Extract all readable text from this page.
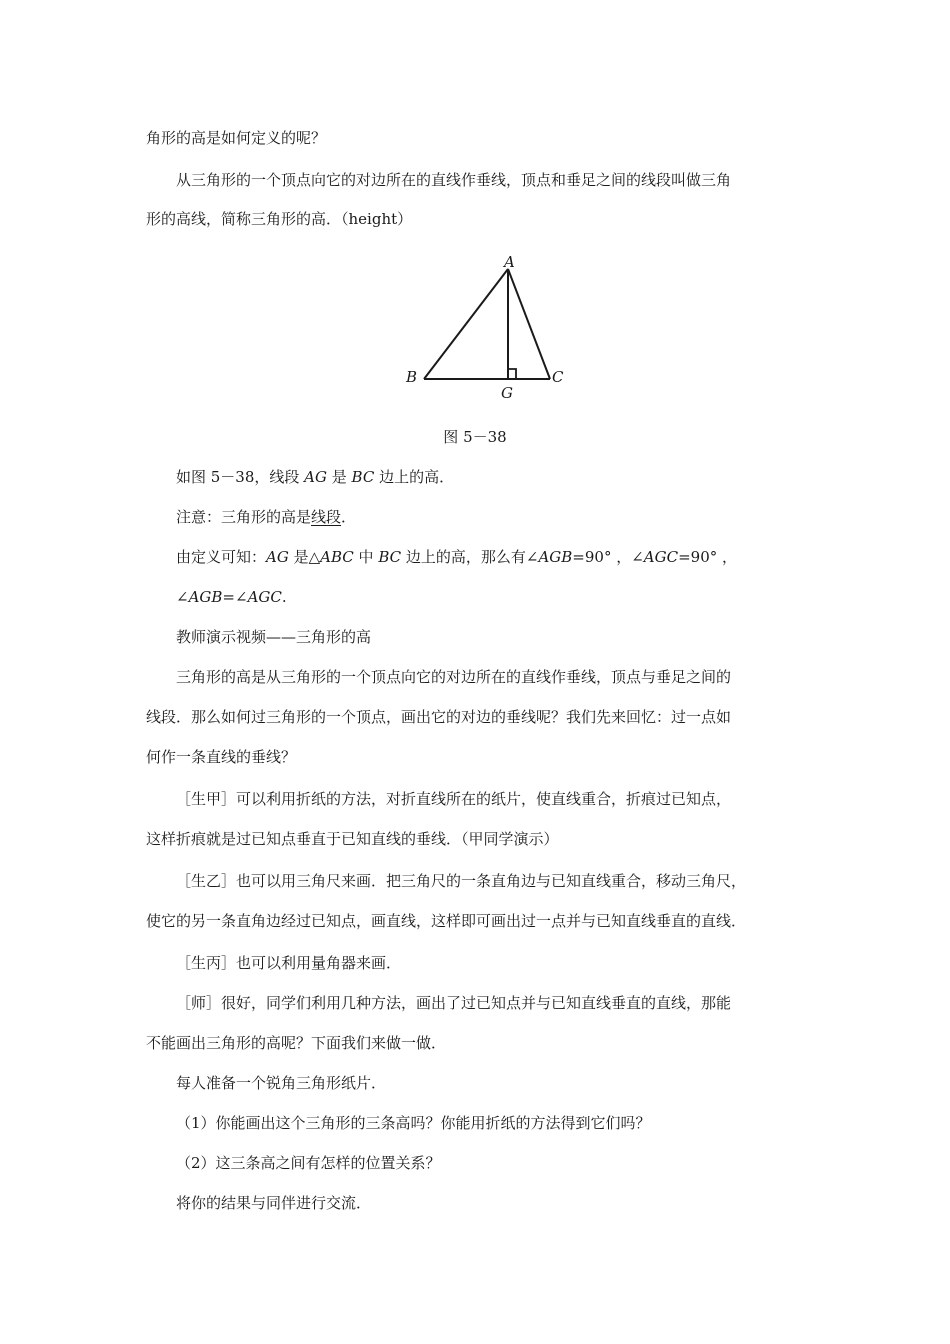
角形的高是如何定义的呢？
从三角形的一个顶点向它的对边所在的直线作垂线，顶点和垂足之间的线段叫做三角
形的高线，简称三角形的高．（height）
A
B	C
G
图 5－38
如图 5－38，线段 AG 是 BC 边上的高．
注意：三角形的高是线段．
由定义可知：AG 是△ABC 中 BC 边上的高，那么有∠AGB=90° ，∠AGC=90° ，
∠AGB=∠AGC.
教师演示视频——三角形的高
三角形的高是从三角形的一个顶点向它的对边所在的直线作垂线，顶点与垂足之间的
线段．那么如何过三角形的一个顶点，画出它的对边的垂线呢？我们先来回忆：过一点如
何作一条直线的垂线？
［生甲］可以利用折纸的方法，对折直线所在的纸片，使直线重合，折痕过已知点，
这样折痕就是过已知点垂直于已知直线的垂线．（甲同学演示）
［生乙］也可以用三角尺来画．把三角尺的一条直角边与已知直线重合，移动三角尺，
使它的另一条直角边经过已知点，画直线，这样即可画出过一点并与已知直线垂直的直线．
［生丙］也可以利用量角器来画．
［师］很好，同学们利用几种方法，画出了过已知点并与已知直线垂直的直线，那能
不能画出三角形的高呢？下面我们来做一做．
每人准备一个锐角三角形纸片．
（1）你能画出这个三角形的三条高吗？你能用折纸的方法得到它们吗？
（2）这三条高之间有怎样的位置关系？
将你的结果与同伴进行交流．
